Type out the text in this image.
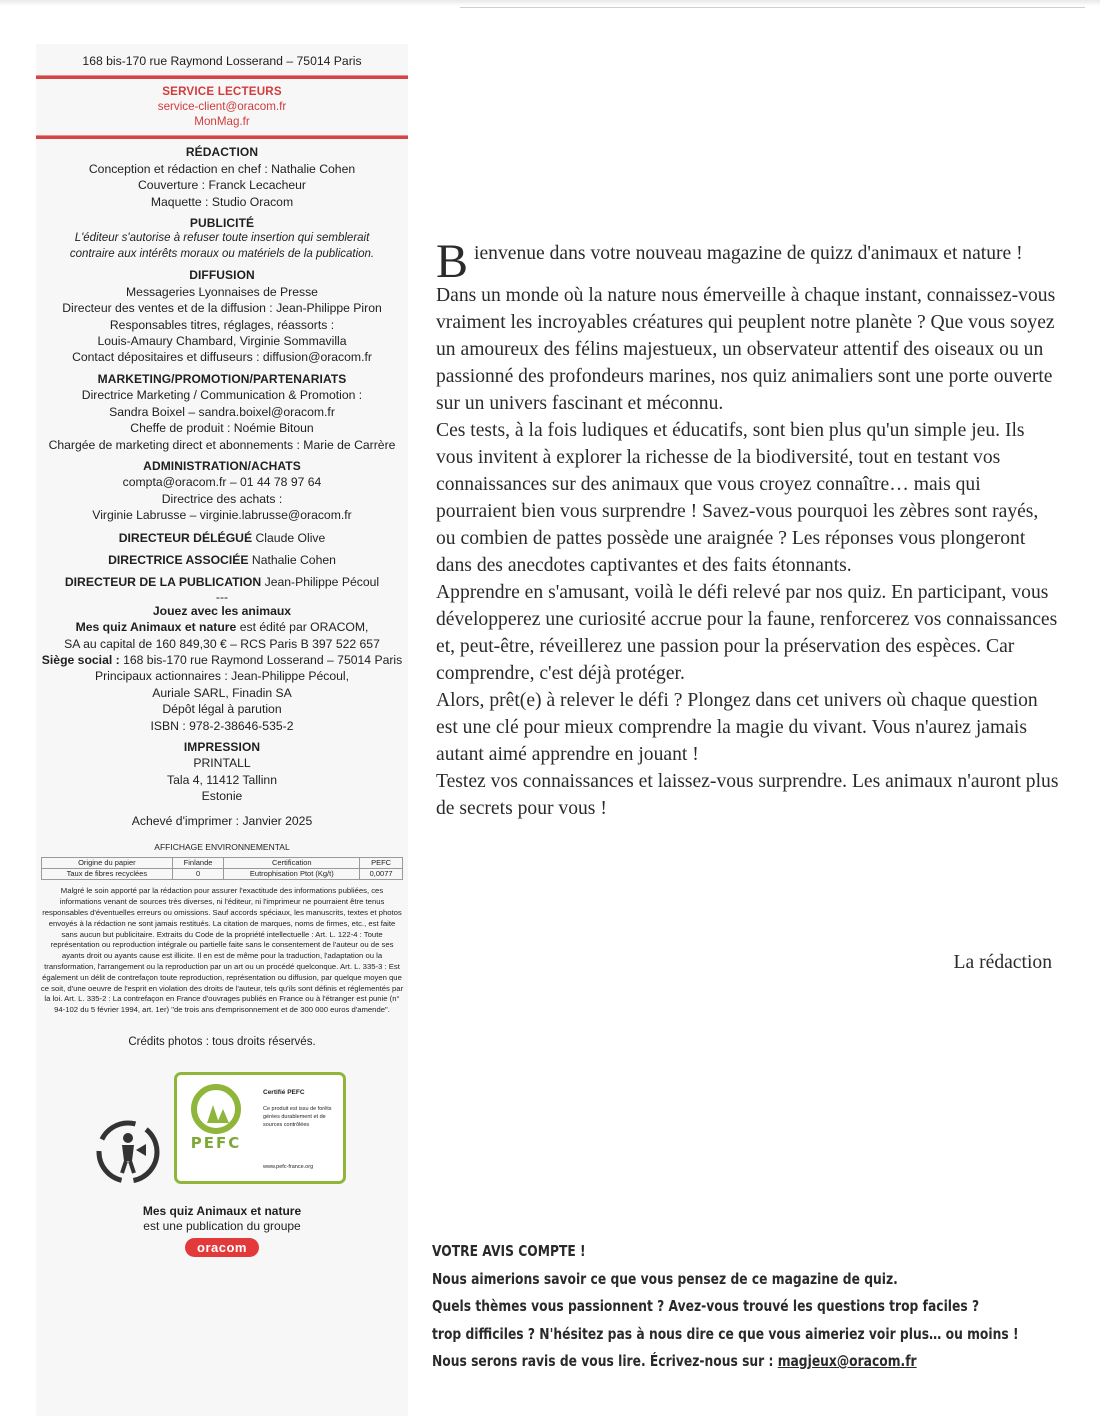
168 bis-170 rue Raymond Losserand – 75014 Paris
SERVICE LECTEURS
service-client@oracom.fr
MonMag.fr
RÉDACTION
Conception et rédaction en chef : Nathalie Cohen
Couverture : Franck Lecacheur
Maquette : Studio Oracom
PUBLICITÉ
L'éditeur s'autorise à refuser toute insertion qui semblerait
contraire aux intérêts moraux ou matériels de la publication.
DIFFUSION
Messageries Lyonnaises de Presse
Directeur des ventes et de la diffusion : Jean-Philippe Piron
Responsables titres, réglages, réassorts :
Louis-Amaury Chambard, Virginie Sommavilla
Contact dépositaires et diffuseurs : diffusion@oracom.fr
MARKETING/PROMOTION/PARTENARIATS
Directrice Marketing / Communication & Promotion :
Sandra Boixel – sandra.boixel@oracom.fr
Cheffe de produit : Noémie Bitoun
Chargée de marketing direct et abonnements : Marie de Carrère
ADMINISTRATION/ACHATS
compta@oracom.fr – 01 44 78 97 64
Directrice des achats :
Virginie Labrusse – virginie.labrusse@oracom.fr
DIRECTEUR DÉLÉGUÉ Claude Olive
DIRECTRICE ASSOCIÉE Nathalie Cohen
DIRECTEUR DE LA PUBLICATION Jean-Philippe Pécoul
---
Jouez avec les animaux
Mes quiz Animaux et nature est édité par ORACOM,
SA au capital de 160 849,30 € – RCS Paris B 397 522 657
Siège social : 168 bis-170 rue Raymond Losserand – 75014 Paris
Principaux actionnaires : Jean-Philippe Pécoul,
Auriale SARL, Finadin SA
Dépôt légal à parution
ISBN : 978-2-38646-535-2
IMPRESSION
PRINTALL
Tala 4, 11412 Tallinn
Estonie
Achevé d'imprimer : Janvier 2025
AFFICHAGE ENVIRONNEMENTAL
Origine du papier	Finlande	Certification	PEFC
Taux de fibres recyclées	0	Eutrophisation Ptot (Kg/t)	0,0077
Malgré le soin apporté par la rédaction pour assurer l'exactitude des informations publiées, ces informations venant de sources très diverses, ni l'éditeur, ni l'imprimeur ne pourraient être tenus responsables d'éventuelles erreurs ou omissions. Sauf accords spéciaux, les manuscrits, textes et photos envoyés à la rédaction ne sont jamais restitués. La citation de marques, noms de firmes, etc., est faite sans aucun but publicitaire. Extraits du Code de la propriété intellectuelle : Art. L. 122-4 : Toute représentation ou reproduction intégrale ou partielle faite sans le consentement de l'auteur ou de ses ayants droit ou ayants cause est illicite. Il en est de même pour la traduction, l'adaptation ou la transformation, l'arrangement ou la reproduction par un art ou un procédé quelconque. Art. L. 335-3 : Est également un délit de contrefaçon toute reproduction, représentation ou diffusion, par quelque moyen que ce soit, d'une oeuvre de l'esprit en violation des droits de l'auteur, tels qu'ils sont définis et réglementés par la loi. Art. L. 335-2 : La contrefaçon en France d'ouvrages publiés en France ou à l'étranger est punie (n° 94-102 du 5 février 1994, art. 1er) "de trois ans d'emprisonnement et de 300 000 euros d'amende".
Crédits photos : tous droits réservés.
PEFC
Certifié PEFC
Ce produit est issu de forêts gérées durablement et de sources contrôlées
www.pefc-france.org
Mes quiz Animaux et nature
est une publication du groupe
oracom

Bienvenue dans votre nouveau magazine de quizz d'animaux et nature !

Dans un monde où la nature nous émerveille à chaque instant, connaissez-vous vraiment les incroyables créatures qui peuplent notre planète ? Que vous soyez un amoureux des félins majestueux, un observateur attentif des oiseaux ou un passionné des profondeurs marines, nos quiz animaliers sont une porte ouverte sur un univers fascinant et méconnu.

Ces tests, à la fois ludiques et éducatifs, sont bien plus qu'un simple jeu. Ils vous invitent à explorer la richesse de la biodiversité, tout en testant vos connaissances sur des animaux que vous croyez connaître… mais qui pourraient bien vous surprendre ! Savez-vous pourquoi les zèbres sont rayés, ou combien de pattes possède une araignée ? Les réponses vous plongeront dans des anecdotes captivantes et des faits étonnants.

Apprendre en s'amusant, voilà le défi relevé par nos quiz. En participant, vous développerez une curiosité accrue pour la faune, renforcerez vos connaissances et, peut-être, réveillerez une passion pour la préservation des espèces. Car comprendre, c'est déjà protéger.

Alors, prêt(e) à relever le défi ? Plongez dans cet univers où chaque question est une clé pour mieux comprendre la magie du vivant. Vous n'aurez jamais autant aimé apprendre en jouant !

Testez vos connaissances et laissez-vous surprendre. Les animaux n'auront plus de secrets pour vous !

La rédaction
VOTRE AVIS COMPTE !
Nous aimerions savoir ce que vous pensez de ce magazine de quiz.
Quels thèmes vous passionnent ? Avez-vous trouvé les questions trop faciles ?
trop difficiles ? N'hésitez pas à nous dire ce que vous aimeriez voir plus… ou moins !
Nous serons ravis de vous lire. Écrivez-nous sur : magjeux@oracom.fr
